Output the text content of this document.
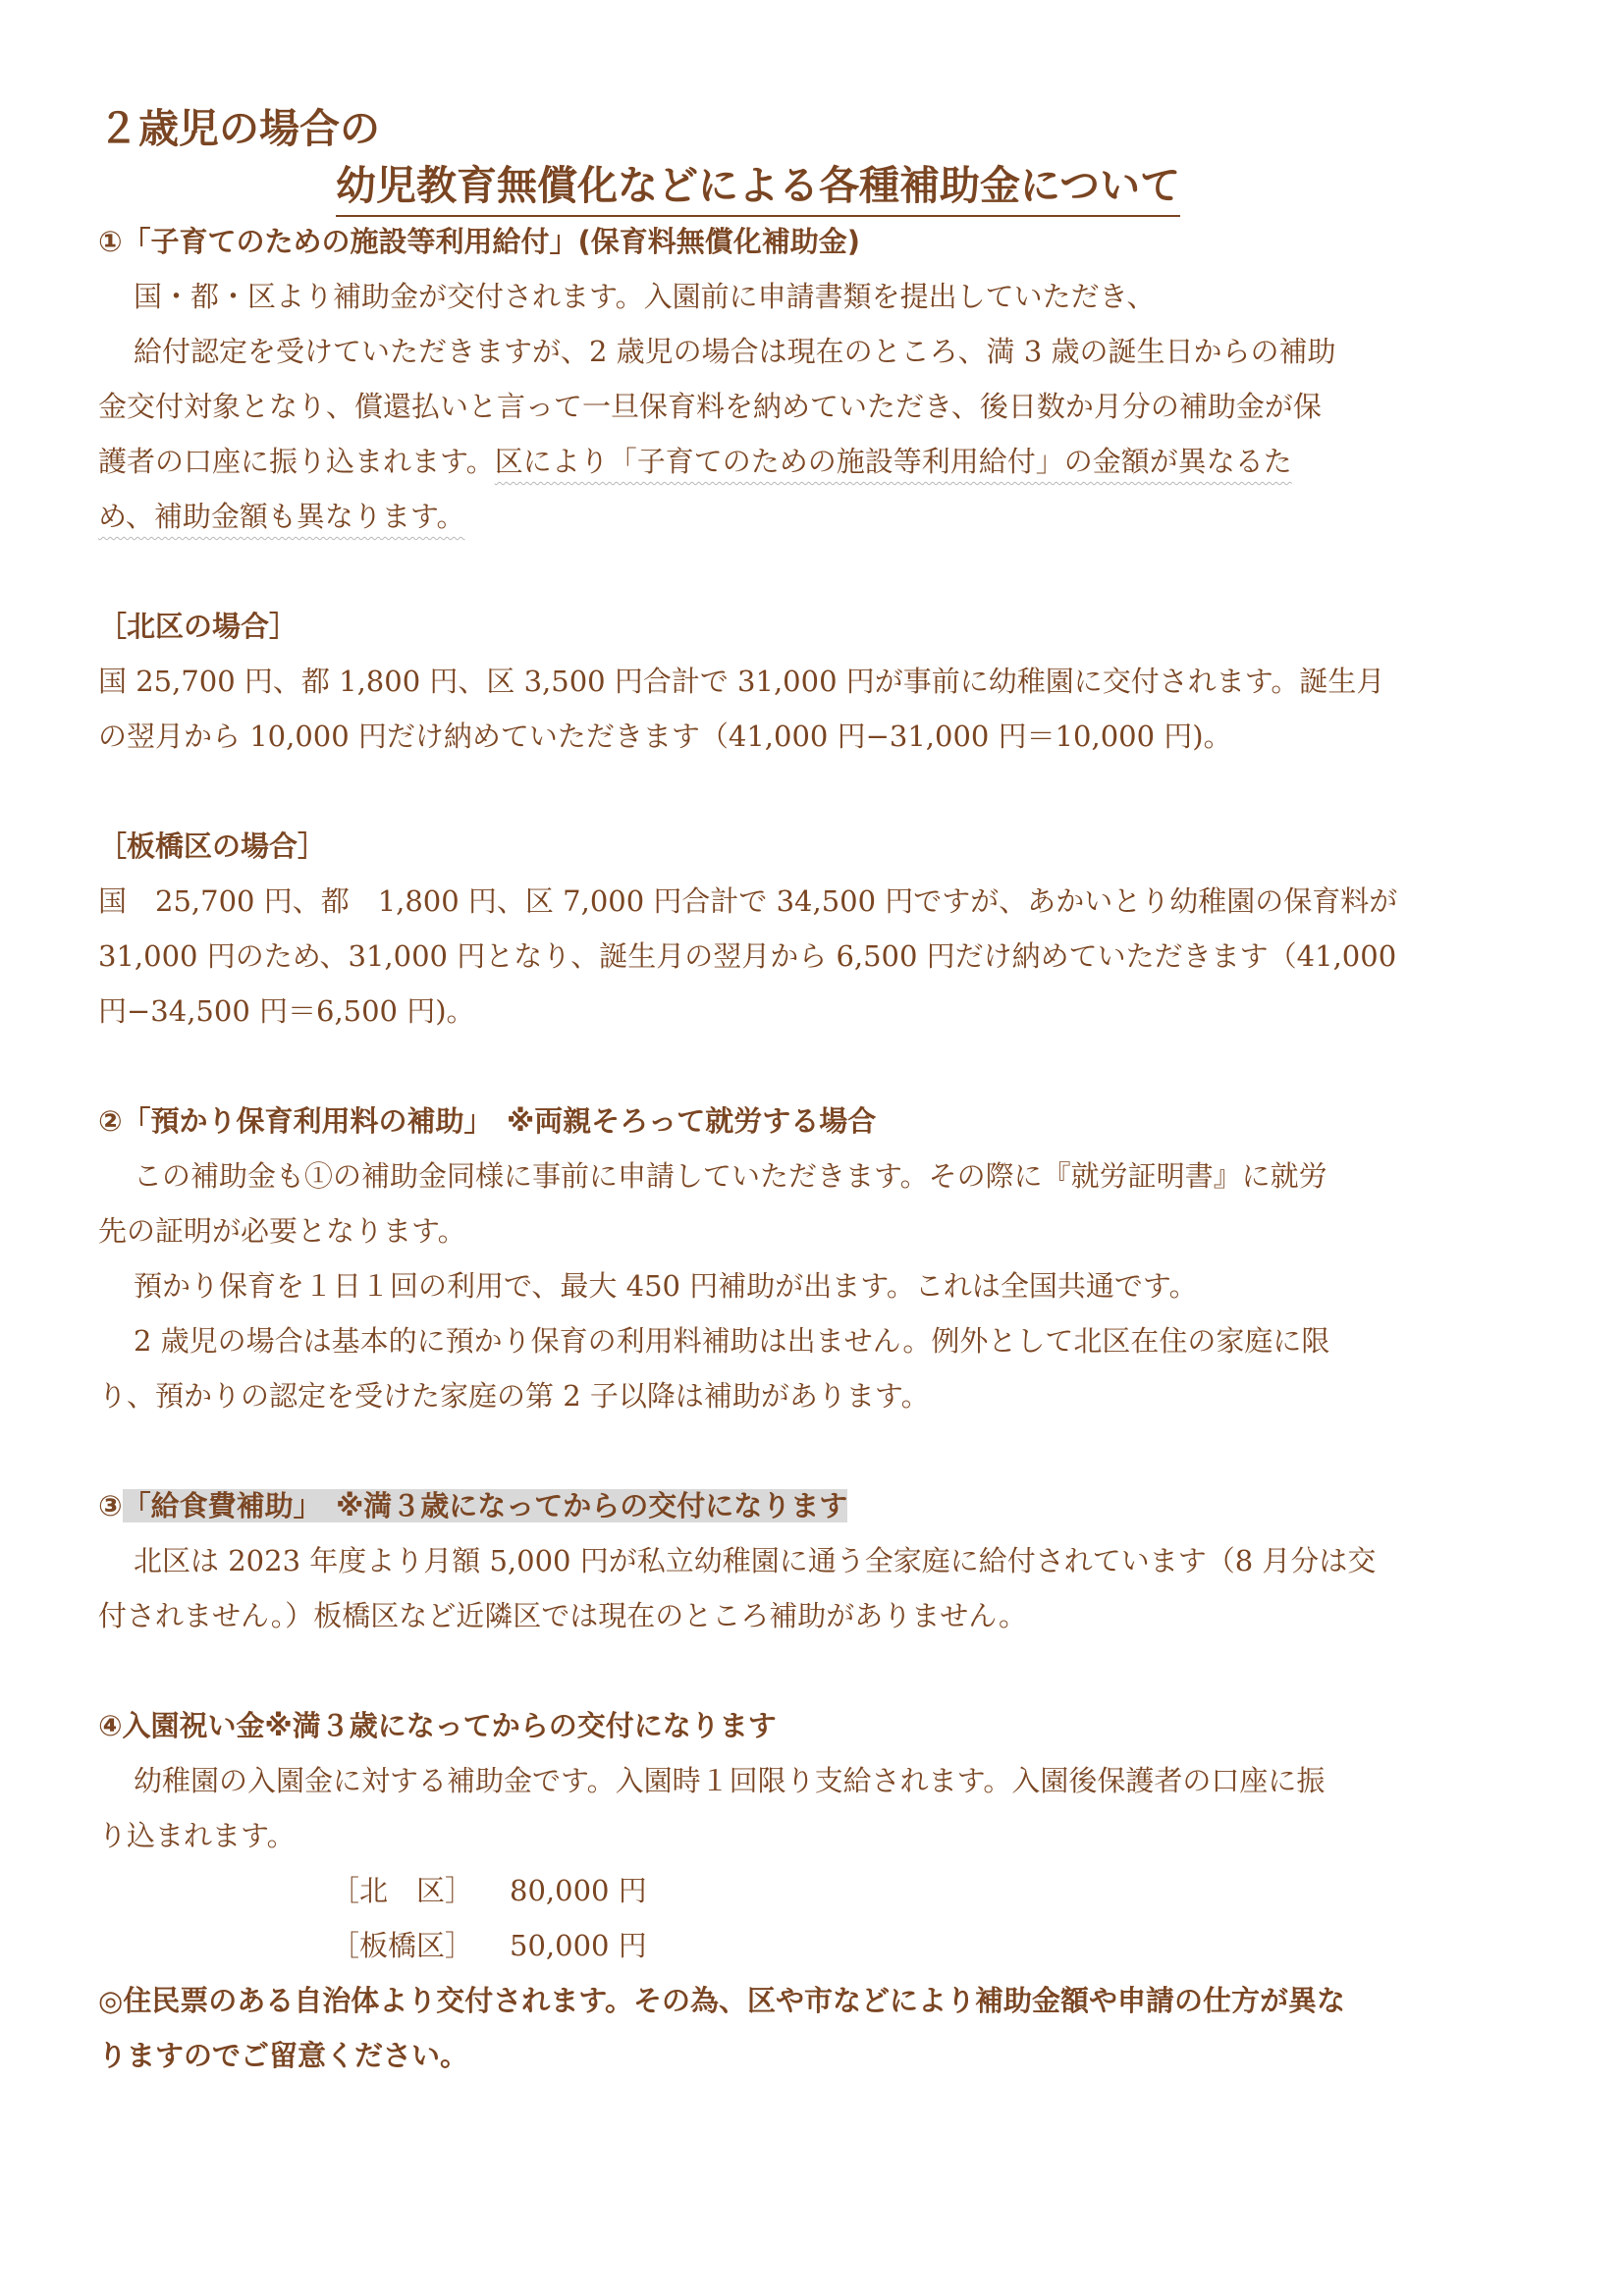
２歳児の場合の
幼児教育無償化などによる各種補助金について
①「子育てのための施設等利用給付」(保育料無償化補助金)

国・都・区より補助金が交付されます。入園前に申請書類を提出していただき、

給付認定を受けていただきますが、2 歳児の場合は現在のところ、満 3 歳の誕生日からの補助

金交付対象となり、償還払いと言って一旦保育料を納めていただき、後日数か月分の補助金が保

護者の口座に振り込まれます。区により「子育てのための施設等利用給付」の金額が異なるた

め、補助金額も異なります。

［北区の場合］

国 25,700 円、都 1,800 円、区 3,500 円合計で 31,000 円が事前に幼稚園に交付されます。誕生月

の翌月から 10,000 円だけ納めていただきます（41,000 円−31,000 円＝10,000 円)。

［板橋区の場合］

国　25,700 円、都　1,800 円、区 7,000 円合計で 34,500 円ですが、あかいとり幼稚園の保育料が

31,000 円のため、31,000 円となり、誕生月の翌月から 6,500 円だけ納めていただきます（41,000

円−34,500 円＝6,500 円)。

②「預かり保育利用料の補助」　※両親そろって就労する場合

この補助金も①の補助金同様に事前に申請していただきます。その際に『就労証明書』に就労

先の証明が必要となります。

預かり保育を１日１回の利用で、最大 450 円補助が出ます。これは全国共通です。

2 歳児の場合は基本的に預かり保育の利用料補助は出ません。例外として北区在住の家庭に限

り、預かりの認定を受けた家庭の第 2 子以降は補助があります。

③「給食費補助」　※満３歳になってからの交付になります

北区は 2023 年度より月額 5,000 円が私立幼稚園に通う全家庭に給付されています（8 月分は交

付されません。）板橋区など近隣区では現在のところ補助がありません。

④入園祝い金※満３歳になってからの交付になります

幼稚園の入園金に対する補助金です。入園時１回限り支給されます。入園後保護者の口座に振

り込まれます。

［北　区］ 80,000 円

［板橋区］ 50,000 円

◎住民票のある自治体より交付されます。その為、区や市などにより補助金額や申請の仕方が異な

りますのでご留意ください。
